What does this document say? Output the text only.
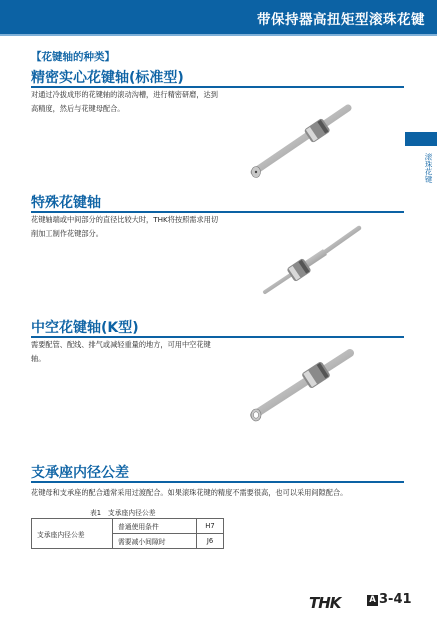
带保持器高扭矩型滚珠花键
【花键轴的种类】
滚珠花键
精密实心花键轴(标准型)
对通过冷拔成形的花键轴的滚动沟槽，进行精密研磨，达到高精度，然后与花键母配合。
特殊花键轴
花键轴端或中间部分的直径比较大时，THK将按照需求用切削加工制作花键部分。
中空花键轴(K型)
需要配管、配线、排气或减轻重量的地方，可用中空花键轴。
支承座内径公差
花键母和支承座的配合通常采用过渡配合。如果滚珠花键的精度不需要很高，也可以采用间隙配合。
表1　支承座内径公差
支承座内径公差	普通使用条件	H7
	需要减小间隙时	J6
THK	A 3-41
